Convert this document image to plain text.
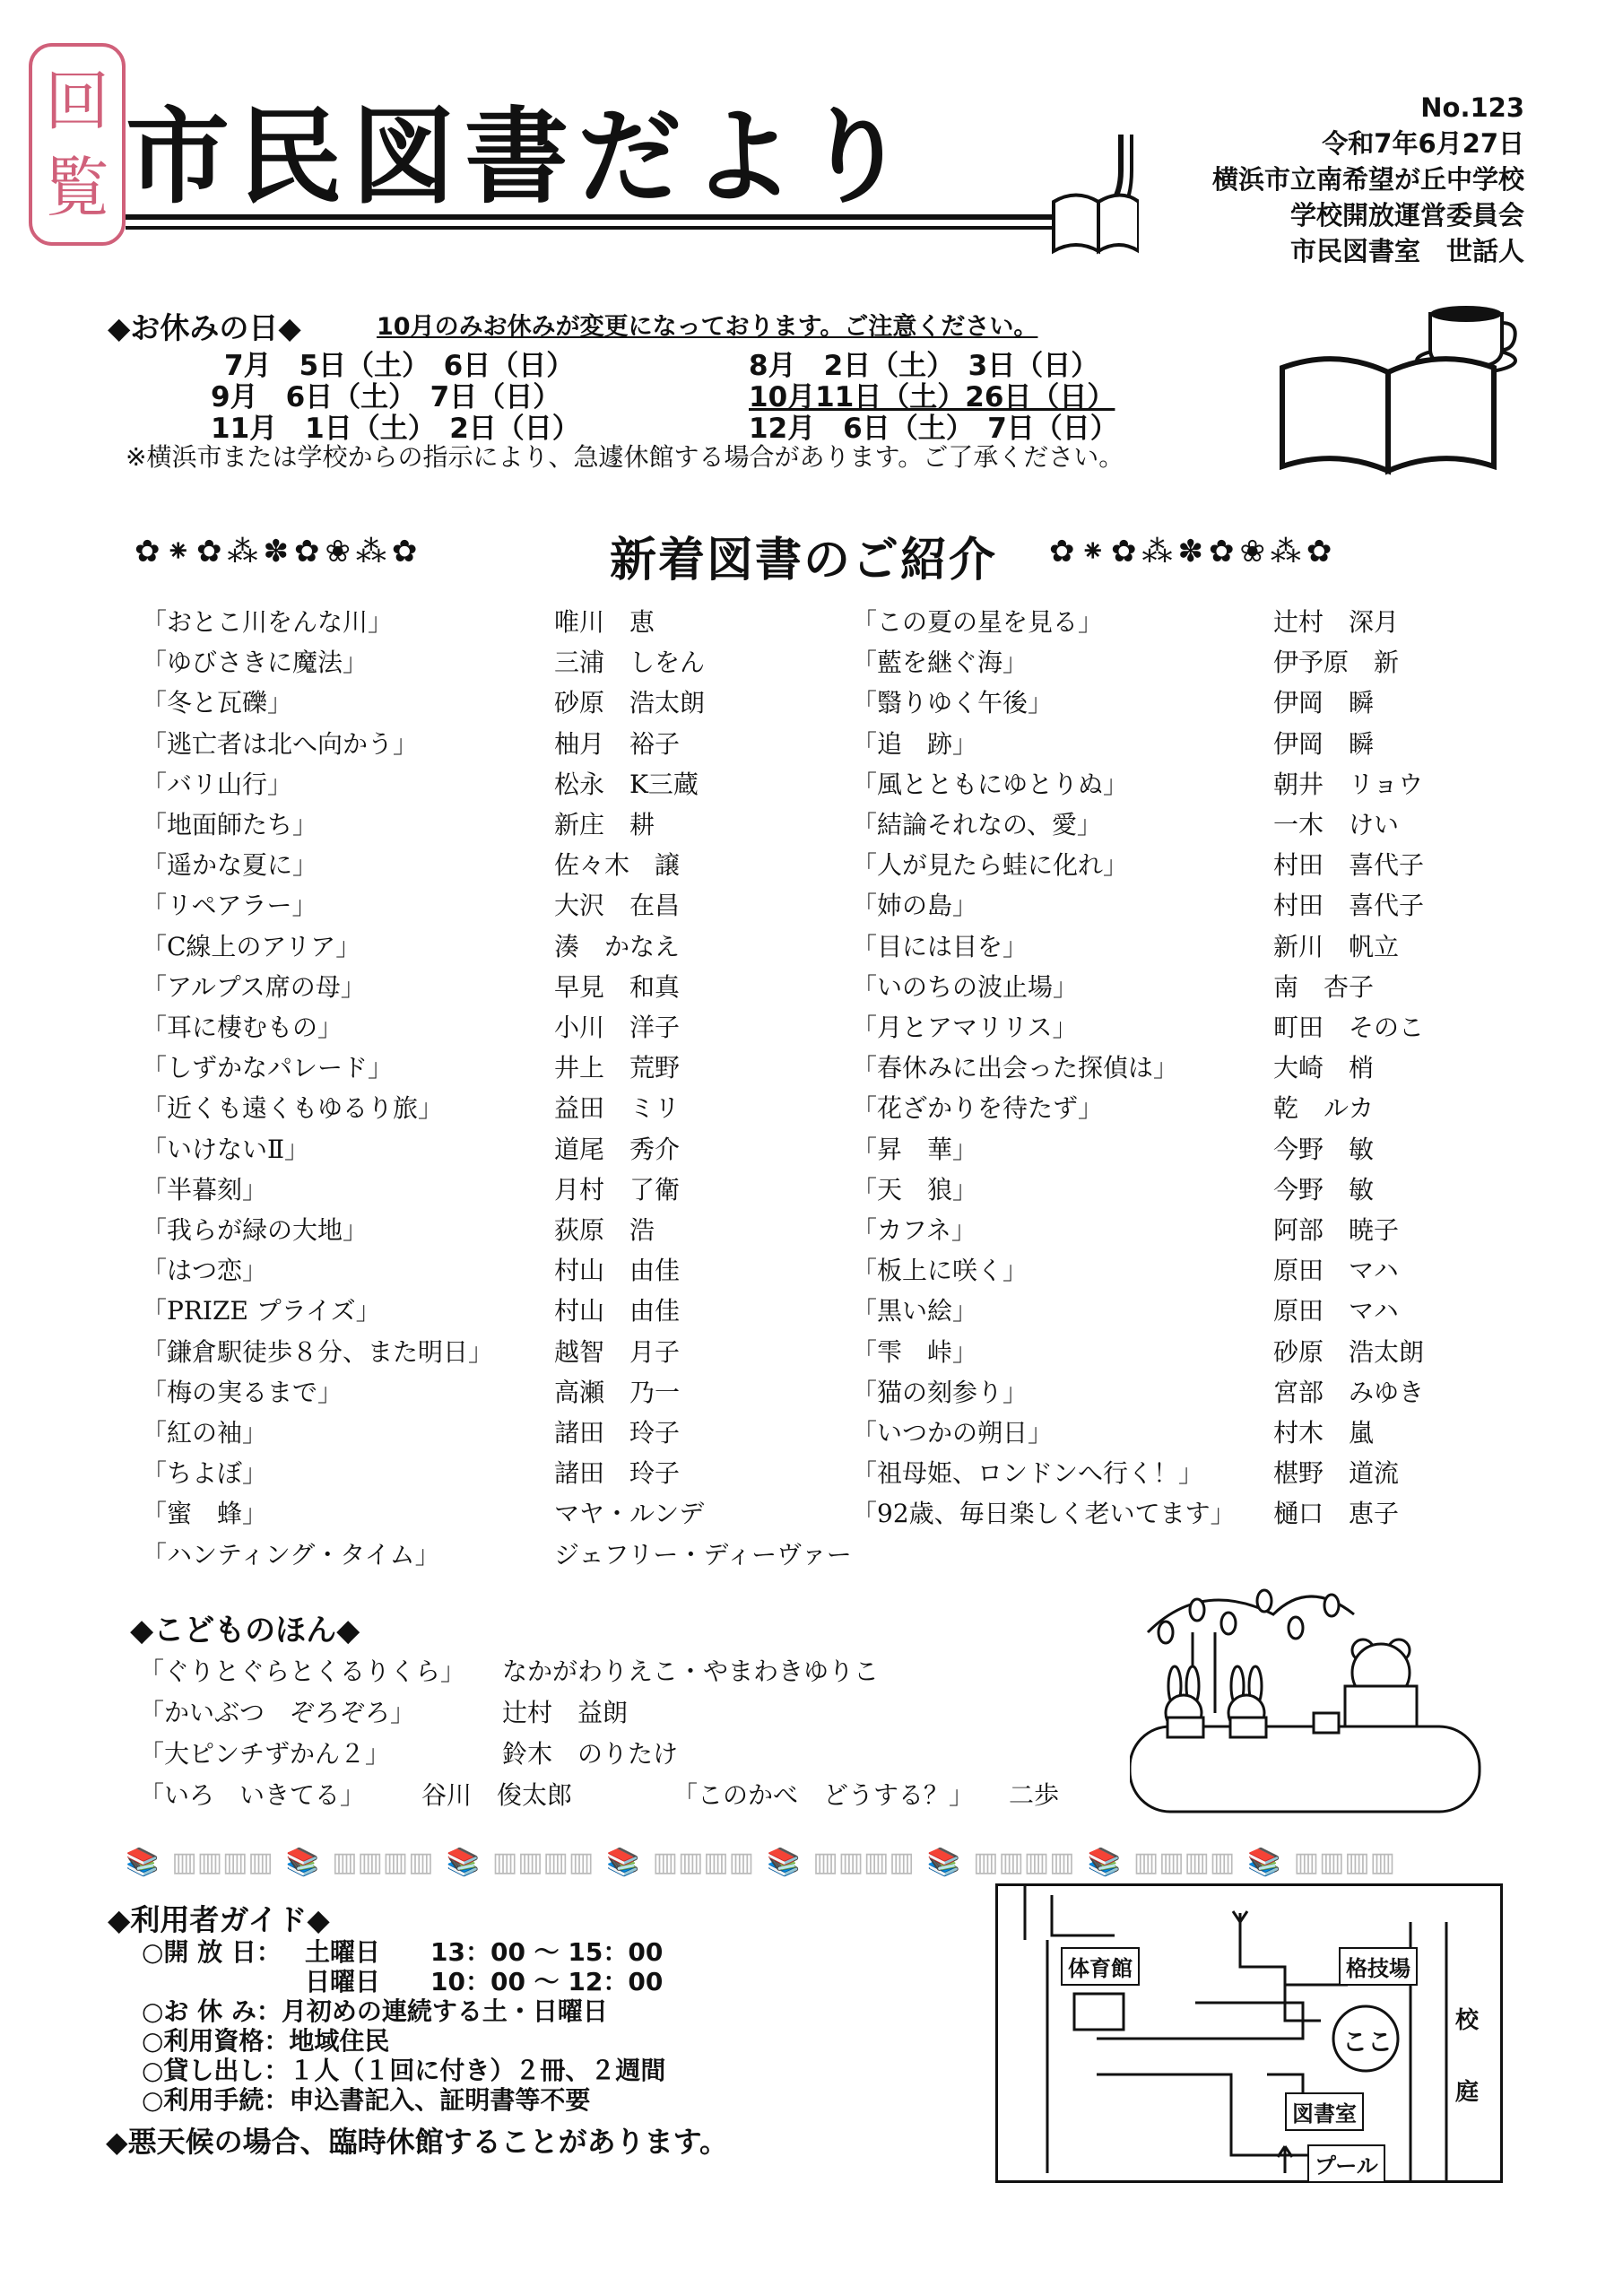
回
覧 市民図書だより	No.123
令和7年6月27日
横浜市立南希望が丘中学校
学校開放運営委員会
市民図書室　世話人
◆お休みの日◆	10月のみお休みが変更になっております。ご注意ください。
7月　5日（土）　6日（日）	8月　2日（土）　3日（日）
9月　6日（土）　7日（日）	10月11日（土）26日（日）
11月　1日（土）　2日（日）	12月　6日（土）　7日（日）
※横浜市または学校からの指示により、急遽休館する場合があります。ご了承ください。
✿⁕✿⁂✽✿❀⁂✿	新着図書のご紹介 ✿⁕✿⁂✽✿❀⁂✿
「おとこ川をんな川」	唯川　恵
「ゆびさきに魔法」	三浦　しをん
「冬と瓦礫」	砂原　浩太朗
「逃亡者は北へ向かう」	柚月　裕子
「バリ山行」	松永　K三蔵
「地面師たち」	新庄　耕
「遥かな夏に」	佐々木　譲
「リペアラー」	大沢　在昌
「C線上のアリア」	湊　かなえ
「アルプス席の母」	早見　和真
「耳に棲むもの」	小川　洋子
「しずかなパレード」	井上　荒野
「近くも遠くもゆるり旅」	益田　ミリ
「いけないⅡ」	道尾　秀介
「半暮刻」	月村　了衛
「我らが緑の大地」	荻原　浩
「はつ恋」	村山　由佳
「PRIZE プライズ」	村山　由佳
「鎌倉駅徒歩８分、また明日」 越智　月子
「梅の実るまで」	高瀬　乃一
「紅の袖」	諸田　玲子
「ちよぼ」	諸田　玲子
「蜜　蜂」	マヤ・ルンデ
「ハンティング・タイム」	ジェフリー・ディーヴァー
「この夏の星を見る」	辻村　深月
「藍を継ぐ海」	伊予原　新
「翳りゆく午後」	伊岡　瞬
「追　跡」	伊岡　瞬
「風とともにゆとりぬ」	朝井　リョウ
「結論それなの、愛」	一木　けい
「人が見たら蛙に化れ」	村田　喜代子
「姉の島」	村田　喜代子
「目には目を」	新川　帆立
「いのちの波止場」	南　杏子
「月とアマリリス」	町田　そのこ
「春休みに出会った探偵は」	大崎　梢
「花ざかりを待たず」	乾　ルカ
「昇　華」	今野　敏
「天　狼」	今野　敏
「カフネ」	阿部　暁子
「板上に咲く」	原田　マハ
「黒い絵」	原田　マハ
「雫　峠」	砂原　浩太朗
「猫の刻参り」	宮部　みゆき
「いつかの朔日」	村木　嵐
「祖母姫、ロンドンへ行く！」	椹野　道流
「92歳、毎日楽しく老いてます」 樋口　恵子
◆こどものほん◆
「ぐりとぐらとくるりくら」 なかがわりえこ・やまわきゆりこ
「かいぶつ　ぞろぞろ」	辻村　益朗
「大ピンチずかん２」	鈴木　のりたけ
「いろ　いきてる」 谷川　俊太郎	「このかべ　どうする？」 二歩
📚 ▥▥▥▥ 📚 ▥▥▥▥ 📚 ▥▥▥▥ 📚 ▥▥▥▥ 📚 ▥▥▥▥ 📚 ▥▥▥▥ 📚 ▥▥▥▥ 📚 ▥▥▥▥
◆利用者ガイド◆
○開 放 日： 土曜日　　13：00 ～ 15：00
日曜日　　10：00 ～ 12：00
○お 休 み：月初めの連続する土・日曜日
○利用資格：地域住民
○貸し出し：１人（１回に付き）２冊、２週間
○利用手続：申込書記入、証明書等不要
◆悪天候の場合、臨時休館することがあります。
体育館	格技場
ここ
図書室
プール
校庭
